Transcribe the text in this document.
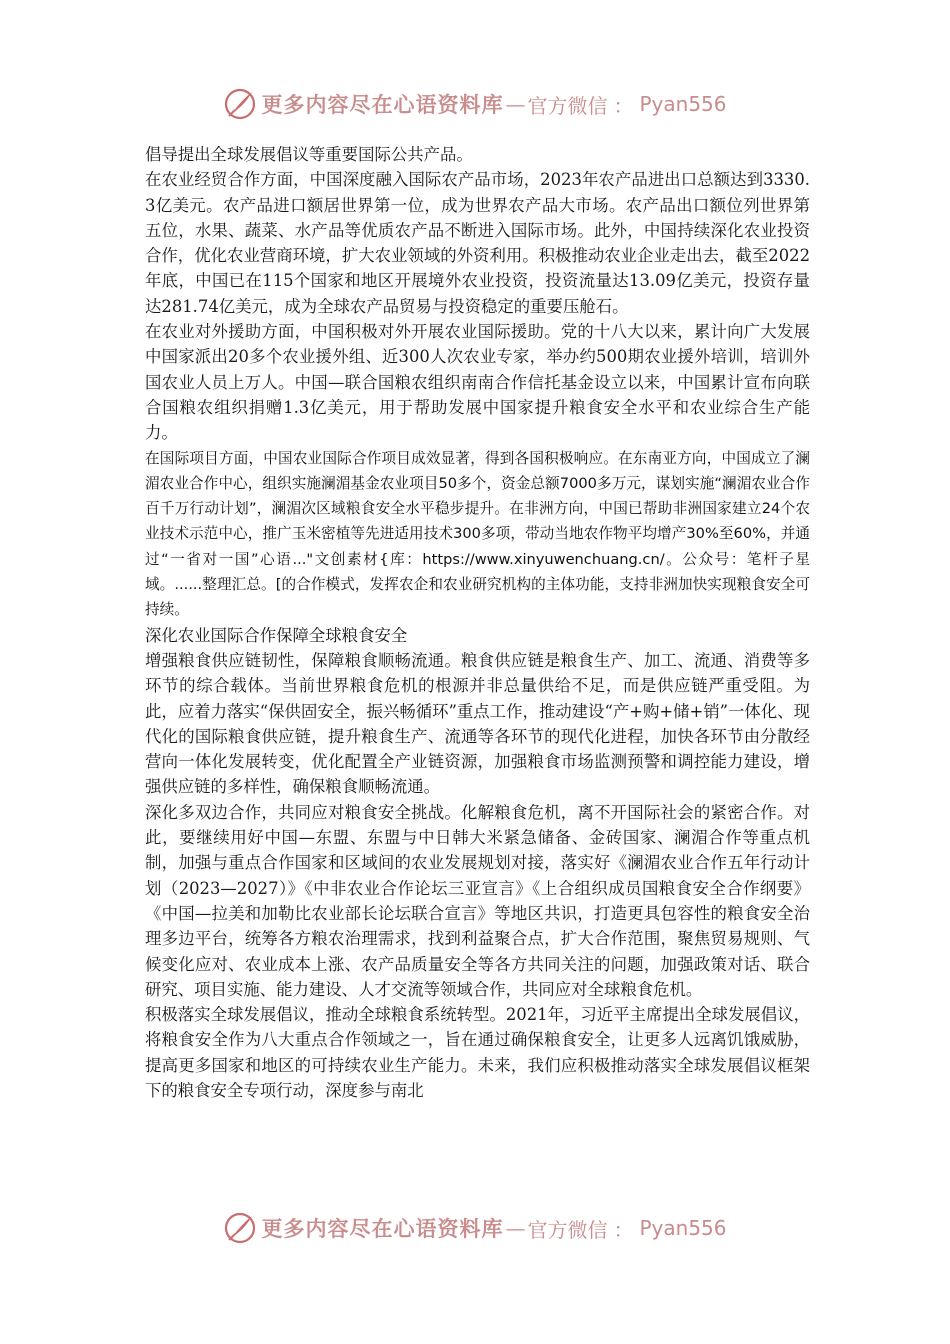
更多内容尽在心语资料库 — 官方微信 ： Pyan556

倡导提出全球发展倡议等重要国际公共产品。

在农业经贸合作方面，中国深度融入国际农产品市场，2023年农产品进出口总额达到3330.3亿美元。农产品进口额居世界第一位，成为世界农产品大市场。农产品出口额位列世界第五位，水果、蔬菜、水产品等优质农产品不断进入国际市场。此外，中国持续深化农业投资合作，优化农业营商环境，扩大农业领域的外资利用。积极推动农业企业走出去，截至2022年底，中国已在115个国家和地区开展境外农业投资，投资流量达13.09亿美元，投资存量达281.74亿美元，成为全球农产品贸易与投资稳定的重要压舱石。

在农业对外援助方面，中国积极对外开展农业国际援助。党的十八大以来，累计向广大发展中国家派出20多个农业援外组、近300人次农业专家，举办约500期农业援外培训，培训外国农业人员上万人。中国—联合国粮农组织南南合作信托基金设立以来，中国累计宣布向联合国粮农组织捐赠1.3亿美元，用于帮助发展中国家提升粮食安全水平和农业综合生产能力。

在国际项目方面，中国农业国际合作项目成效显著，得到各国积极响应。在东南亚方向，中国成立了澜湄农业合作中心，组织实施澜湄基金农业项目50多个，资金总额7000多万元，谋划实施“澜湄农业合作百千万行动计划”，澜湄次区域粮食安全水平稳步提升。在非洲方向，中国已帮助非洲国家建立24个农业技术示范中心，推广玉米密植等先进适用技术300多项，带动当地农作物平均增产30%至60%，并通过“一省对一国”心语..."文创素材{库：https://www.xinyuwenchuang.cn/。公众号：笔杆子星域。......整理汇总。[的合作模式，发挥农企和农业研究机构的主体功能，支持非洲加快实现粮食安全可持续。

深化农业国际合作保障全球粮食安全

增强粮食供应链韧性，保障粮食顺畅流通。粮食供应链是粮食生产、加工、流通、消费等多环节的综合载体。当前世界粮食危机的根源并非总量供给不足，而是供应链严重受阻。为此，应着力落实“保供固安全，振兴畅循环”重点工作，推动建设“产+购+储+销”一体化、现代化的国际粮食供应链，提升粮食生产、流通等各环节的现代化进程，加快各环节由分散经营向一体化发展转变，优化配置全产业链资源，加强粮食市场监测预警和调控能力建设，增强供应链的多样性，确保粮食顺畅流通。

深化多双边合作，共同应对粮食安全挑战。化解粮食危机，离不开国际社会的紧密合作。对此，要继续用好中国—东盟、东盟与中日韩大米紧急储备、金砖国家、澜湄合作等重点机制，加强与重点合作国家和区域间的农业发展规划对接，落实好《澜湄农业合作五年行动计划（2023—2027）》《中非农业合作论坛三亚宣言》《上合组织成员国粮食安全合作纲要》《中国—拉美和加勒比农业部长论坛联合宣言》等地区共识，打造更具包容性的粮食安全治理多边平台，统筹各方粮农治理需求，找到利益聚合点，扩大合作范围，聚焦贸易规则、气候变化应对、农业成本上涨、农产品质量安全等各方共同关注的问题，加强政策对话、联合研究、项目实施、能力建设、人才交流等领域合作，共同应对全球粮食危机。

积极落实全球发展倡议，推动全球粮食系统转型。2021年，习近平主席提出全球发展倡议，将粮食安全作为八大重点合作领域之一，旨在通过确保粮食安全，让更多人远离饥饿威胁，提高更多国家和地区的可持续农业生产能力。未来，我们应积极推动落实全球发展倡议框架下的粮食安全专项行动，深度参与南北

更多内容尽在心语资料库 — 官方微信 ： Pyan556
